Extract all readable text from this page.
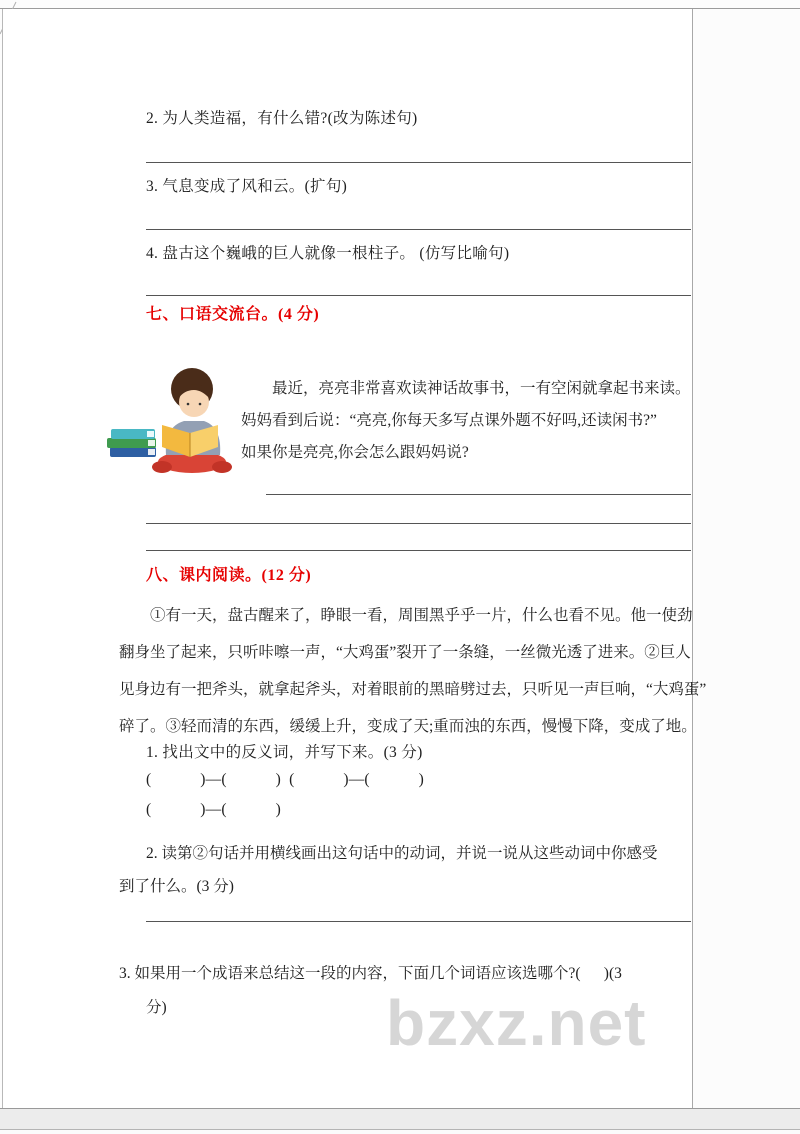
2. 为人类造福，有什么错?(改为陈述句)
3. 气息变成了风和云。(扩句)
4. 盘古这个巍峨的巨人就像一根柱子。 (仿写比喻句)
七、口语交流台。(4 分)
最近，亮亮非常喜欢读神话故事书，一有空闲就拿起书来读。
妈妈看到后说：“亮亮,你每天多写点课外题不好吗,还读闲书?”
如果你是亮亮,你会怎么跟妈妈说?
八、课内阅读。(12 分)
①有一天，盘古醒来了，睁眼一看，周围黑乎乎一片，什么也看不见。他一使劲
翻身坐了起来，只听咔嚓一声，“大鸡蛋”裂开了一条缝，一丝微光透了进来。②巨人
见身边有一把斧头，就拿起斧头，对着眼前的黑暗劈过去，只听见一声巨响，“大鸡蛋”
碎了。③轻而清的东西，缓缓上升，变成了天;重而浊的东西，慢慢下降，变成了地。
1. 找出文中的反义词，并写下来。(3 分)
(            )—(            )  (            )—(            )
(            )—(            )
2. 读第②句话并用横线画出这句话中的动词，并说一说从这些动词中你感受
到了什么。(3 分)
3. 如果用一个成语来总结这一段的内容，下面几个词语应该选哪个?(      )(3
分)	bzxz.net
